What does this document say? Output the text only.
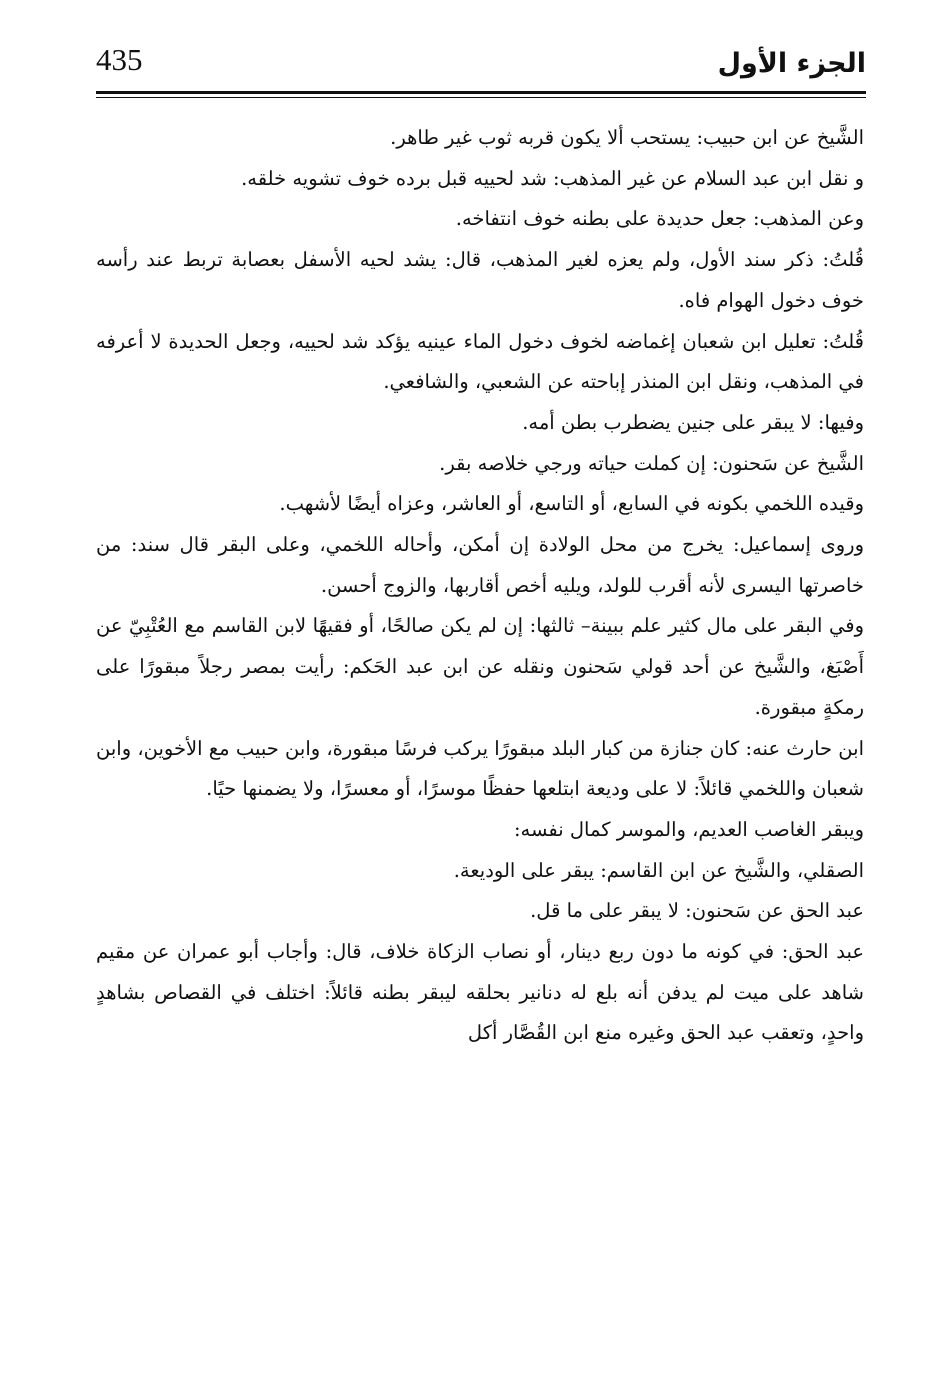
435	الجزء الأول

الشَّيخ عن ابن حبيب: يستحب ألا يكون قربه ثوب غير طاهر.

و نقل ابن عبد السلام عن غير المذهب: شد لحييه قبل برده خوف تشويه خلقه.

وعن المذهب: جعل حديدة على بطنه خوف انتفاخه.

قُلتُ: ذكر سند الأول، ولم يعزه لغير المذهب، قال: يشد لحيه الأسفل بعصابة تربط عند رأسه خوف دخول الهوام فاه.

قُلتُ: تعليل ابن شعبان إغماضه لخوف دخول الماء عينيه يؤكد شد لحييه، وجعل الحديدة لا أعرفه في المذهب، ونقل ابن المنذر إباحته عن الشعبي، والشافعي.

وفيها: لا يبقر على جنين يضطرب بطن أمه.

الشَّيخ عن سَحنون: إن كملت حياته ورجي خلاصه بقر.

وقيده اللخمي بكونه في السابع، أو التاسع، أو العاشر، وعزاه أيضًا لأشهب.

وروى إسماعيل: يخرج من محل الولادة إن أمكن، وأحاله اللخمي، وعلى البقر قال سند: من خاصرتها اليسرى لأنه أقرب للولد، ويليه أخص أقاربها، والزوج أحسن.

وفي البقر على مال كثير علم ببينة– ثالثها: إن لم يكن صالحًا، أو فقيهًا لابن القاسم مع العُتْبِيّ عن أَصْبَغ، والشَّيخ عن أحد قولي سَحنون ونقله عن ابن عبد الحَكم: رأيت بمصر رجلاً مبقورًا على رمكةٍ مبقورة.

ابن حارث عنه: كان جنازة من كبار البلد مبقورًا يركب فرسًا مبقورة، وابن حبيب مع الأخوين، وابن شعبان واللخمي قائلاً: لا على وديعة ابتلعها حفظًا موسرًا، أو معسرًا، ولا يضمنها حيًا.

ويبقر الغاصب العديم، والموسر كمال نفسه:

الصقلي، والشَّيخ عن ابن القاسم: يبقر على الوديعة.

عبد الحق عن سَحنون: لا يبقر على ما قل.

عبد الحق: في كونه ما دون ربع دينار، أو نصاب الزكاة خلاف، قال: وأجاب أبو عمران عن مقيم شاهد على ميت لم يدفن أنه بلع له دنانير بحلقه ليبقر بطنه قائلاً: اختلف في القصاص بشاهدٍ واحدٍ، وتعقب عبد الحق وغيره منع ابن القُصَّار أكل
